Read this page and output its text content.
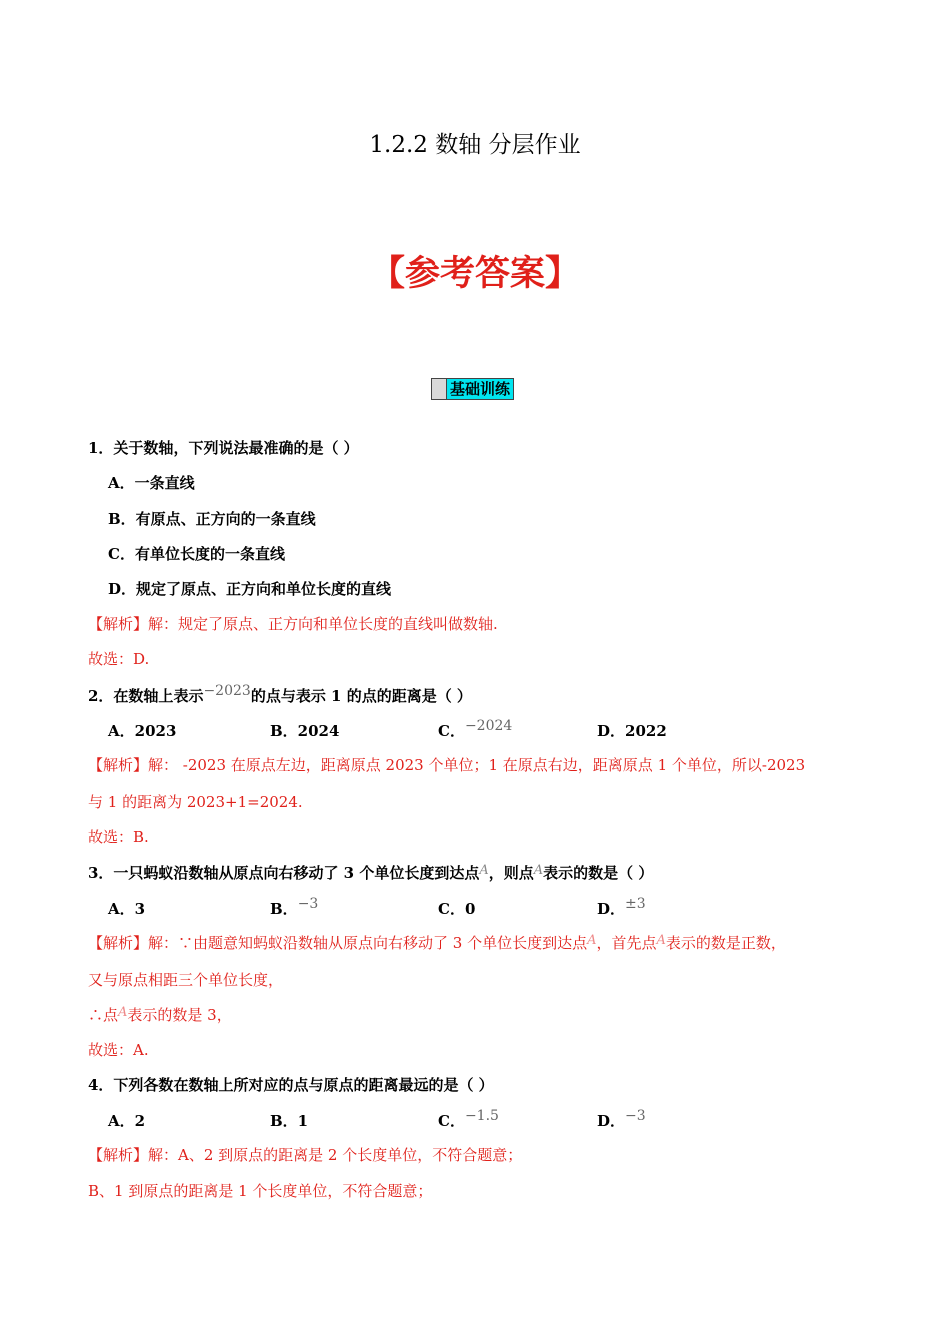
1.2.2 数轴 分层作业
【参考答案】
基础训练
1．关于数轴，下列说法最准确的是（ ）
A．一条直线
B．有原点、正方向的一条直线
C．有单位长度的一条直线
D．规定了原点、正方向和单位长度的直线
【解析】解：规定了原点、正方向和单位长度的直线叫做数轴.
故选：D.
2．在数轴上表示−2023的点与表示 1 的点的距离是（ ）
A．2023	B．2024	C．−2024	D．2022
【解析】解： -2023 在原点左边，距离原点 2023 个单位；1 在原点右边，距离原点 1 个单位，所以-2023
与 1 的距离为 2023+1=2024.
故选：B.
3．一只蚂蚁沿数轴从原点向右移动了 3 个单位长度到达点A，则点A表示的数是（ ）
A．3	B．−3	C．0	D．±3
【解析】解：∵由题意知蚂蚁沿数轴从原点向右移动了 3 个单位长度到达点A，首先点A表示的数是正数，
又与原点相距三个单位长度，
∴点A表示的数是 3，
故选：A.
4．下列各数在数轴上所对应的点与原点的距离最远的是（ ）
A．2	B．1	C．−1.5	D．−3
【解析】解：A、2 到原点的距离是 2 个长度单位，不符合题意；
B、1 到原点的距离是 1 个长度单位，不符合题意；
